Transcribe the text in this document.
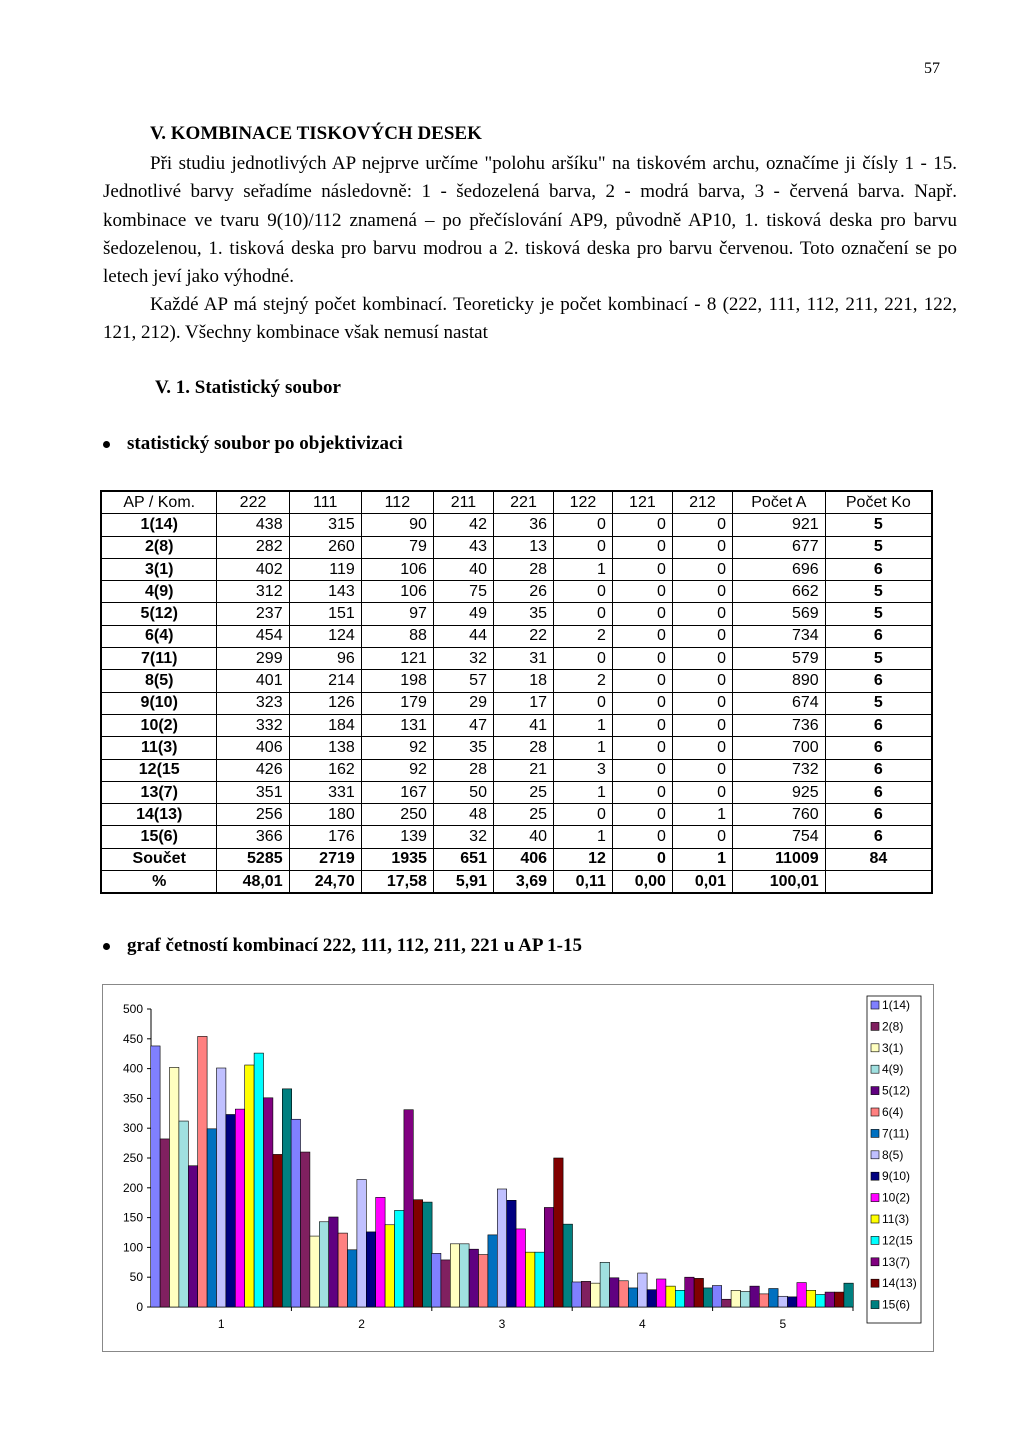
57
V. KOMBINACE TISKOVÝCH DESEK

Při studiu jednotlivých AP nejprve určíme "polohu aršíku" na tiskovém archu, označíme ji čísly 1 - 15. Jednotlivé barvy seřadíme následovně: 1 - šedozelená barva, 2 - modrá barva, 3 - červená barva. Např. kombinace ve tvaru 9(10)/112 znamená – po přečíslování AP9, původně AP10, 1. tisková deska pro barvu šedozelenou, 1. tisková deska pro barvu modrou a 2. tisková deska pro barvu červenou. Toto označení se po letech jeví jako výhodné.

Každé AP má stejný počet kombinací. Teoreticky je počet kombinací - 8 (222, 111, 112, 211, 221, 122, 121, 212). Všechny kombinace však nemusí nastat

V. 1. Statistický soubor
statistický soubor po objektivizaci
AP / Kom.	222	111	112	211	221	122	121	212	Počet A	Počet Ko
1(14)	438	315	90	42	36	0	0	0	921	5
2(8)	282	260	79	43	13	0	0	0	677	5
3(1)	402	119	106	40	28	1	0	0	696	6
4(9)	312	143	106	75	26	0	0	0	662	5
5(12)	237	151	97	49	35	0	0	0	569	5
6(4)	454	124	88	44	22	2	0	0	734	6
7(11)	299	96	121	32	31	0	0	0	579	5
8(5)	401	214	198	57	18	2	0	0	890	6
9(10)	323	126	179	29	17	0	0	0	674	5
10(2)	332	184	131	47	41	1	0	0	736	6
11(3)	406	138	92	35	28	1	0	0	700	6
12(15	426	162	92	28	21	3	0	0	732	6
13(7)	351	331	167	50	25	1	0	0	925	6
14(13)	256	180	250	48	25	0	0	1	760	6
15(6)	366	176	139	32	40	1	0	0	754	6
Součet	5285	2719	1935	651	406	12	0	1	11009	84
%	48,01	24,70	17,58	5,91	3,69	0,11	0,00	0,01	100,01	
graf četností kombinací 222, 111, 112, 211, 221 u AP 1-15
0
50
100
150
200
250
300
350
400
450
500
1	2	3	4	5
1(14)
2(8)
3(1)
4(9)
5(12)
6(4)
7(11)
8(5)
9(10)
10(2)
11(3)
12(15
13(7)
14(13)
15(6)
